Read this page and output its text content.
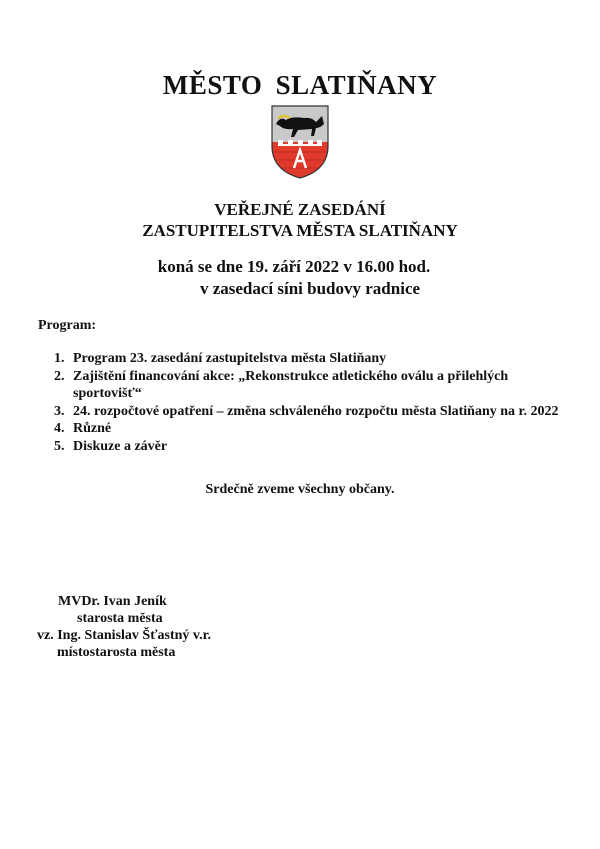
MĚSTO SLATIŇANY
VEŘEJNÉ ZASEDÁNÍ
ZASTUPITELSTVA MĚSTA SLATIŇANY
koná se dne 19. září 2022 v 16.00 hod.
v zasedací síni budovy radnice
Program:
1. Program 23. zasedání zastupitelstva města Slatiňany
2. Zajištění financování akce: „Rekonstrukce atletického oválu a přilehlých sportovišť“
3. 24. rozpočtové opatření – změna schváleného rozpočtu města Slatiňany na r. 2022
4. Různé
5. Diskuze a závěr
Srdečně zveme všechny občany.
MVDr. Ivan Jeník
starosta města
vz. Ing. Stanislav Šťastný v.r.
místostarosta města
